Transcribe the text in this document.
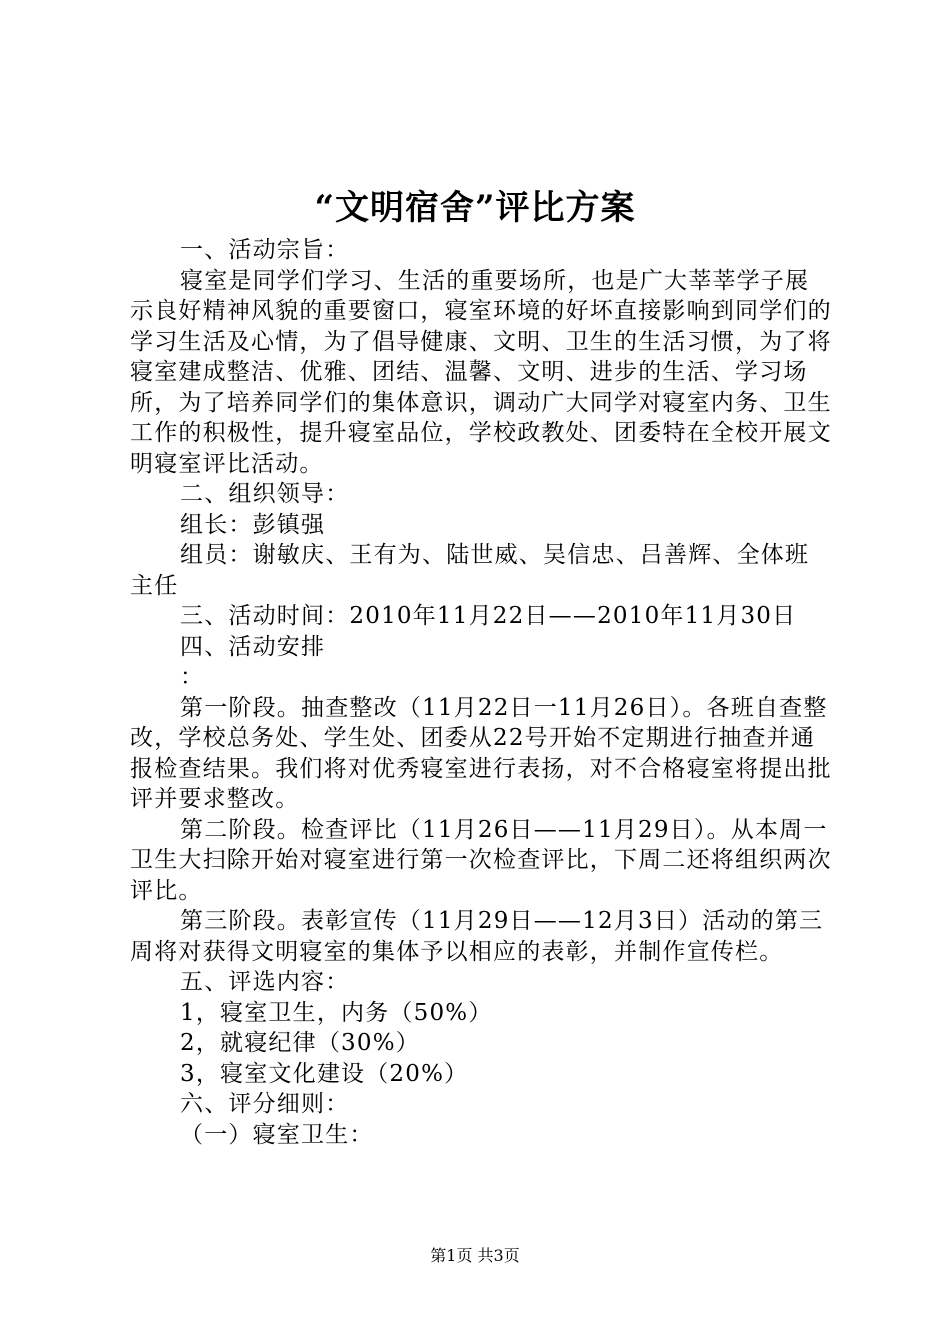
“文明宿舍”评比方案

一、活动宗旨：

寝室是同学们学习、生活的重要场所，也是广大莘莘学子展示良好精神风貌的重要窗口，寝室环境的好坏直接影响到同学们的学习生活及心情，为了倡导健康、文明、卫生的生活习惯，为了将寝室建成整洁、优雅、团结、温馨、文明、进步的生活、学习场所，为了培养同学们的集体意识，调动广大同学对寝室内务、卫生工作的积极性，提升寝室品位，学校政教处、团委特在全校开展文明寝室评比活动。

二、组织领导：

组长：彭镇强

组员：谢敏庆、王有为、陆世威、吴信忠、吕善辉、全体班主任

三、活动时间：2010年11月22日——2010年11月30日

四、活动安排

：

第一阶段。抽查整改（11月22日一11月26日）。各班自查整改，学校总务处、学生处、团委从22号开始不定期进行抽查并通报检查结果。我们将对优秀寝室进行表扬，对不合格寝室将提出批评并要求整改。

第二阶段。检查评比（11月26日——11月29日）。从本周一卫生大扫除开始对寝室进行第一次检查评比，下周二还将组织两次评比。

第三阶段。表彰宣传（11月29日——12月3日）活动的第三周将对获得文明寝室的集体予以相应的表彰，并制作宣传栏。

五、评选内容：

1，寝室卫生，内务（50%）

2，就寝纪律（30%）

3，寝室文化建设（20%）

六、评分细则：

（一）寝室卫生：

第1页 共3页
